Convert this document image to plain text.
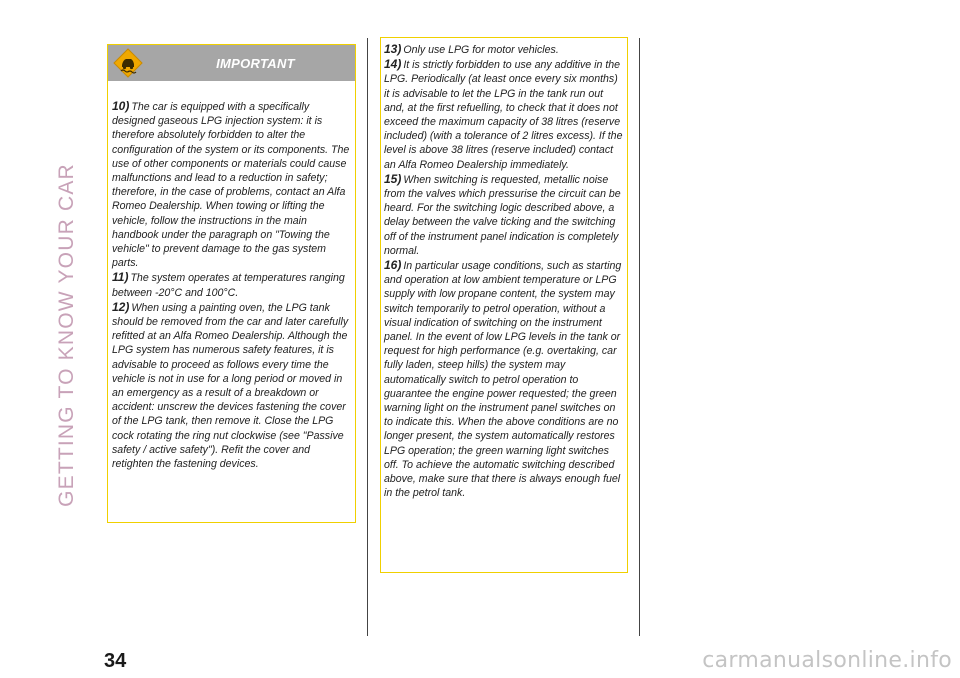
GETTING TO KNOW YOUR CAR
IMPORTANT
10) The car is equipped with a specifically designed gaseous LPG injection system: it is therefore absolutely forbidden to alter the configuration of the system or its components. The use of other components or materials could cause malfunctions and lead to a reduction in safety; therefore, in the case of problems, contact an Alfa Romeo Dealership. When towing or lifting the vehicle, follow the instructions in the main handbook under the paragraph on "Towing the vehicle" to prevent damage to the gas system parts.
11) The system operates at temperatures ranging between -20°C and 100°C.
12) When using a painting oven, the LPG tank should be removed from the car and later carefully refitted at an Alfa Romeo Dealership. Although the LPG system has numerous safety features, it is advisable to proceed as follows every time the vehicle is not in use for a long period or moved in an emergency as a result of a breakdown or accident: unscrew the devices fastening the cover of the LPG tank, then remove it. Close the LPG cock rotating the ring nut clockwise (see "Passive safety / active safety"). Refit the cover and retighten the fastening devices.
13) Only use LPG for motor vehicles.
14) It is strictly forbidden to use any additive in the LPG. Periodically (at least once every six months) it is advisable to let the LPG in the tank run out and, at the first refuelling, to check that it does not exceed the maximum capacity of 38 litres (reserve included) (with a tolerance of 2 litres excess). If the level is above 38 litres (reserve included) contact an Alfa Romeo Dealership immediately.
15) When switching is requested, metallic noise from the valves which pressurise the circuit can be heard. For the switching logic described above, a delay between the valve ticking and the switching off of the instrument panel indication is completely normal.
16) In particular usage conditions, such as starting and operation at low ambient temperature or LPG supply with low propane content, the system may switch temporarily to petrol operation, without a visual indication of switching on the instrument panel. In the event of low LPG levels in the tank or request for high performance (e.g. overtaking, car fully laden, steep hills) the system may automatically switch to petrol operation to guarantee the engine power requested; the green warning light on the instrument panel switches on to indicate this. When the above conditions are no longer present, the system automatically restores LPG operation; the green warning light switches off. To achieve the automatic switching described above, make sure that there is always enough fuel in the petrol tank.
34	carmanualsonline.info
